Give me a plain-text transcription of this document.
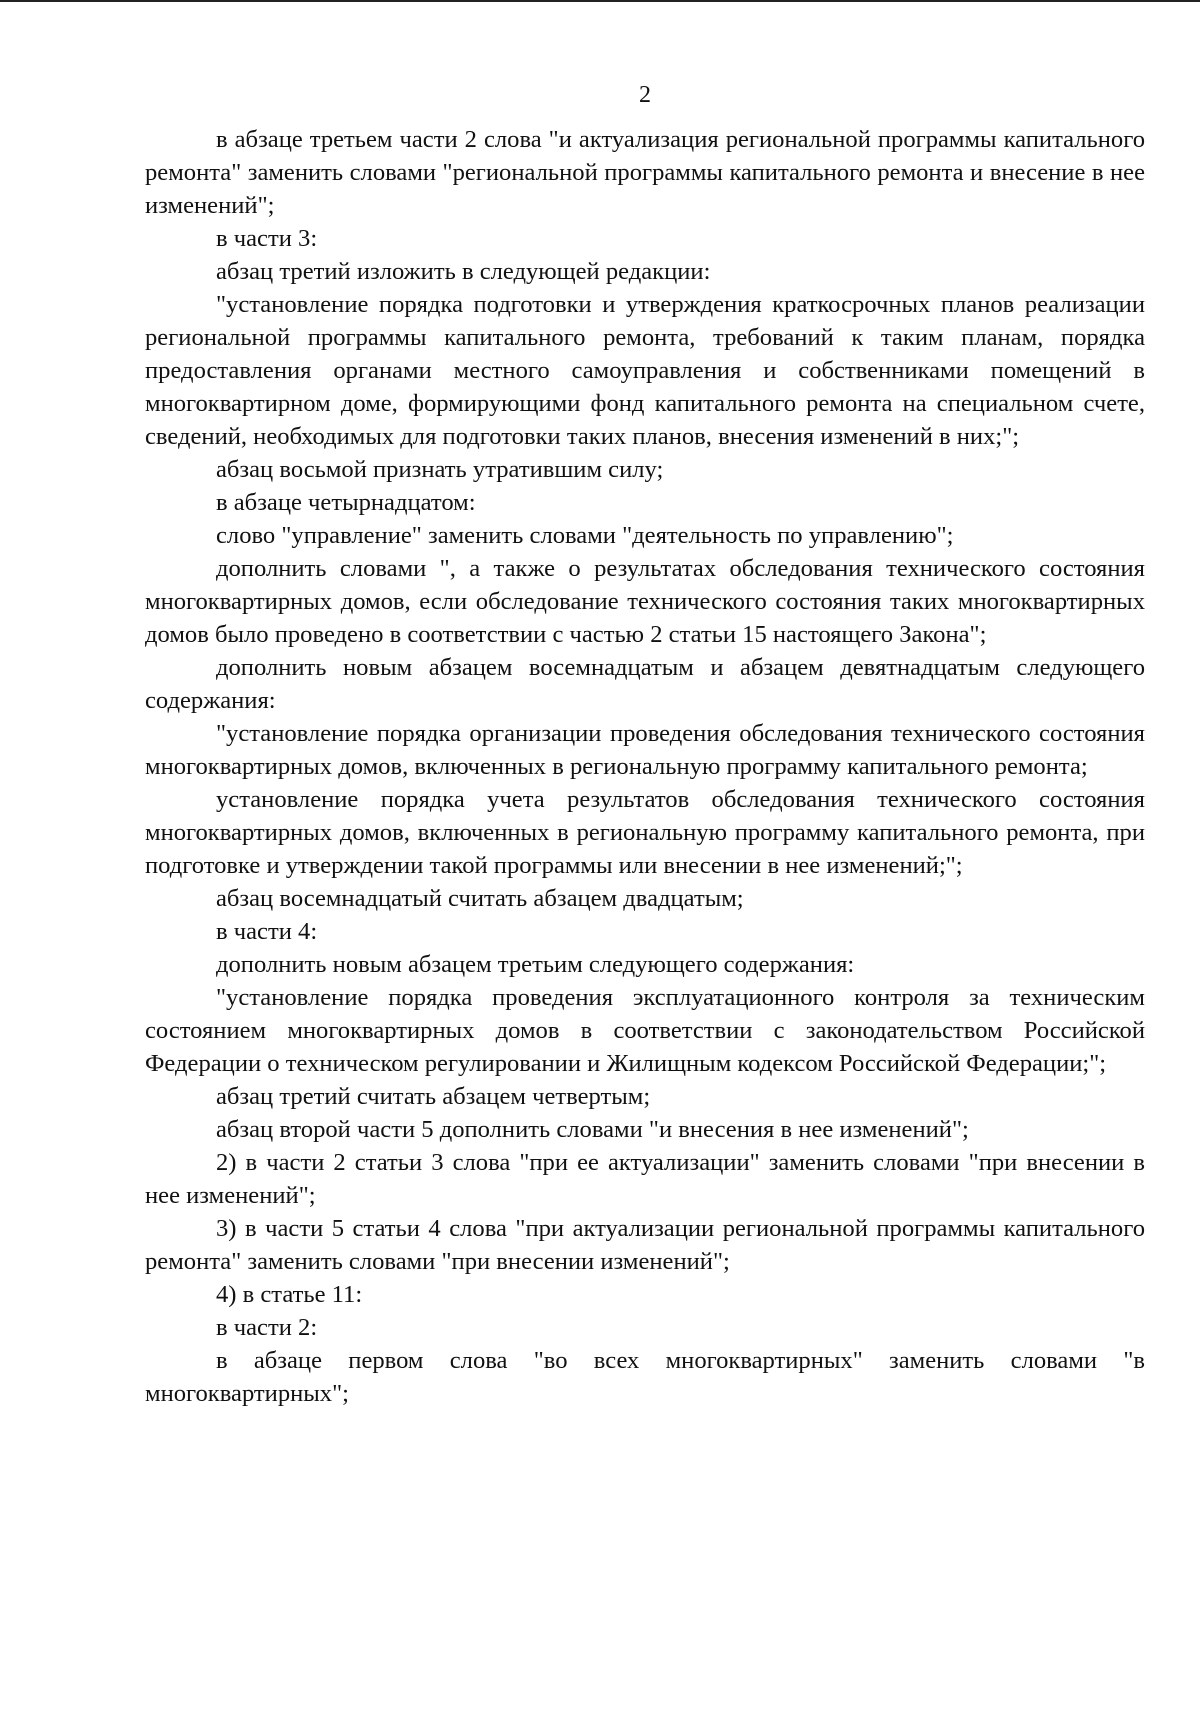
2

в абзаце третьем части 2 слова "и актуализация региональной программы капитального ремонта" заменить словами "региональной программы капитального ремонта и внесение в нее изменений";

в части 3:

абзац третий изложить в следующей редакции:

"установление порядка подготовки и утверждения краткосрочных планов реализации региональной программы капитального ремонта, требований к таким планам, порядка предоставления органами местного самоуправления и собственниками помещений в многоквартирном доме, формирующими фонд капитального ремонта на специальном счете, сведений, необходимых для подготовки таких планов, внесения изменений в них;";

абзац восьмой признать утратившим силу;

в абзаце четырнадцатом:

слово "управление" заменить словами "деятельность по управлению";

дополнить словами ", а также о результатах обследования технического состояния многоквартирных домов, если обследование технического состояния таких многоквартирных домов было проведено в соответствии с частью 2 статьи 15 настоящего Закона";

дополнить новым абзацем восемнадцатым и абзацем девятнадцатым следующего содержания:

"установление порядка организации проведения обследования технического состояния многоквартирных домов, включенных в региональную программу капитального ремонта;

установление порядка учета результатов обследования технического состояния многоквартирных домов, включенных в региональную программу капитального ремонта, при подготовке и утверждении такой программы или внесении в нее изменений;";

абзац восемнадцатый считать абзацем двадцатым;

в части 4:

дополнить новым абзацем третьим следующего содержания:

"установление порядка проведения эксплуатационного контроля за техническим состоянием многоквартирных домов в соответствии с законодательством Российской Федерации о техническом регулировании и Жилищным кодексом Российской Федерации;";

абзац третий считать абзацем четвертым;

абзац второй части 5 дополнить словами "и внесения в нее изменений";

2) в части 2 статьи 3 слова "при ее актуализации" заменить словами "при внесении в нее изменений";

3) в части 5 статьи 4 слова "при актуализации региональной программы капитального ремонта" заменить словами "при внесении изменений";

4) в статье 11:

в части 2:

в абзаце первом слова "во всех многоквартирных" заменить словами "в многоквартирных";
